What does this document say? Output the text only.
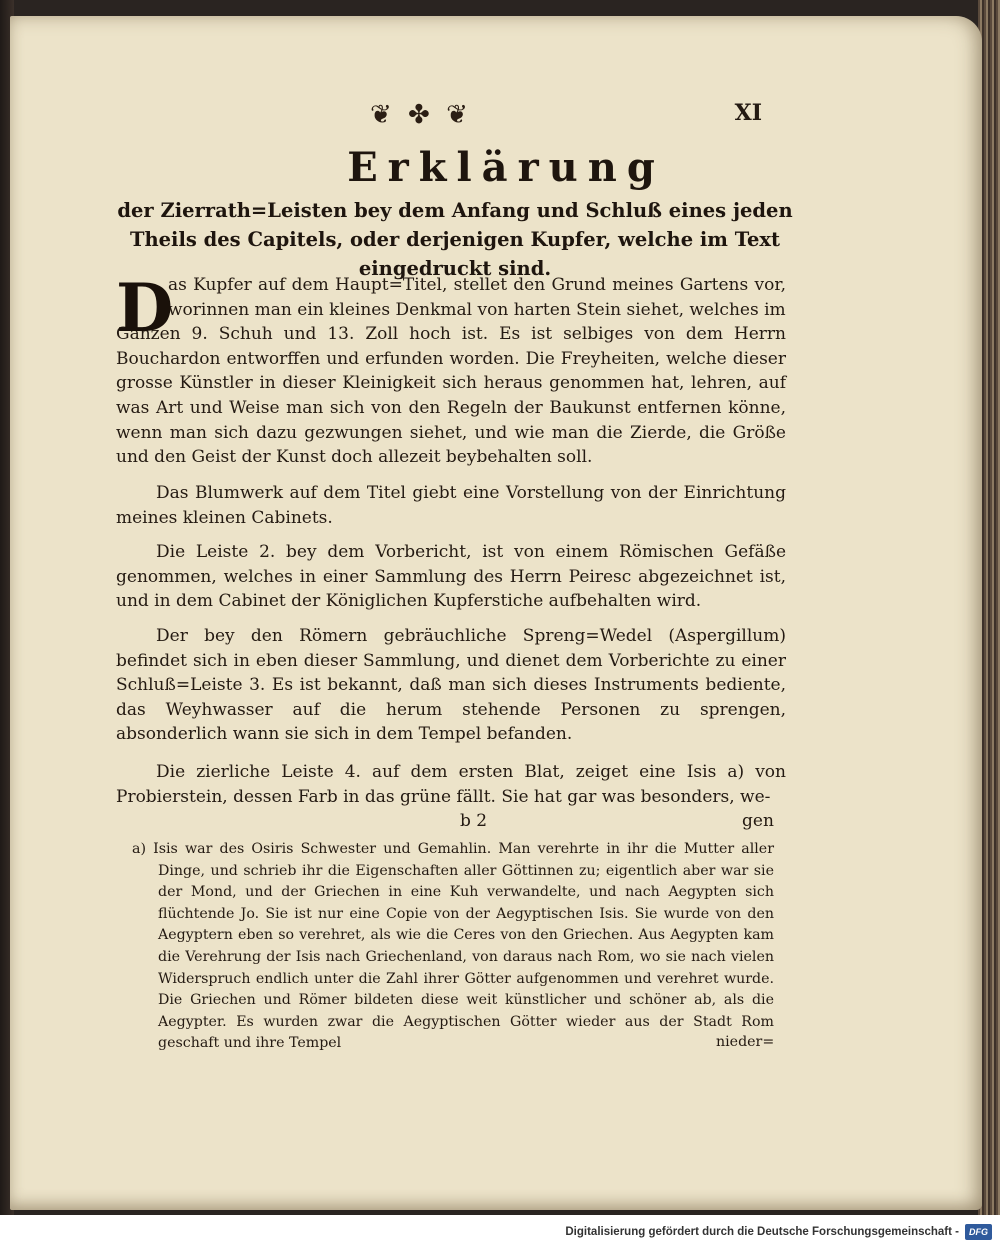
❦ ✤ ❦	XI
Erklärung
der Zierrath=Leisten bey dem Anfang und Schluß eines jeden Theils des Capitels, oder derjenigen Kupfer, welche im Text eingedruckt sind.
D
as Kupfer auf dem Haupt=Titel, stellet den Grund meines Gartens vor, worinnen man ein kleines Denkmal von harten Stein siehet, welches im
Ganzen 9. Schuh und 13. Zoll hoch ist. Es ist selbiges von dem Herrn Bouchardon entworffen und erfunden worden. Die Freyheiten, welche dieser grosse Künstler in dieser Kleinigkeit sich heraus genommen hat, lehren, auf was Art und Weise man sich von den Regeln der Baukunst entfernen könne, wenn man sich dazu gezwungen siehet, und wie man die Zierde, die Größe und den Geist der Kunst doch allezeit beybehalten soll.

Das Blumwerk auf dem Titel giebt eine Vorstellung von der Einrichtung meines kleinen Cabinets.

Die Leiste 2. bey dem Vorbericht, ist von einem Römischen Gefäße genommen, welches in einer Sammlung des Herrn Peiresc abgezeichnet ist, und in dem Cabinet der Königlichen Kupferstiche aufbehalten wird.

Der bey den Römern gebräuchliche Spreng=Wedel (Aspergillum) befindet sich in eben dieser Sammlung, und dienet dem Vorberichte zu einer Schluß=Leiste 3. Es ist bekannt, daß man sich dieses Instruments bediente, das Weyhwasser auf die herum stehende Personen zu sprengen, absonderlich wann sie sich in dem Tempel befanden.

Die zierliche Leiste 4. auf dem ersten Blat, zeiget eine Isis a) von Probierstein, dessen Farb in das grüne fällt. Sie hat gar was besonders, we-

b 2	gen
a) Isis war des Osiris Schwester und Gemahlin. Man verehrte in ihr die Mutter aller Dinge, und schrieb ihr die Eigenschaften aller Göttinnen zu; eigentlich aber war sie der Mond, und der Griechen in eine Kuh verwandelte, und nach Aegypten sich flüchtende Jo. Sie ist nur eine Copie von der Aegyptischen Isis. Sie wurde von den Aegyptern eben so verehret, als wie die Ceres von den Griechen. Aus Aegypten kam die Verehrung der Isis nach Griechenland, von daraus nach Rom, wo sie nach vielen Widerspruch endlich unter die Zahl ihrer Götter aufgenommen und verehret wurde. Die Griechen und Römer bildeten diese weit künstlicher und schöner ab, als die Aegypter. Es wurden zwar die Aegyptischen Götter wieder aus der Stadt Rom geschaft und ihre Tempel	nieder=
Digitalisierung gefördert durch die Deutsche Forschungsgemeinschaft -	DFG
